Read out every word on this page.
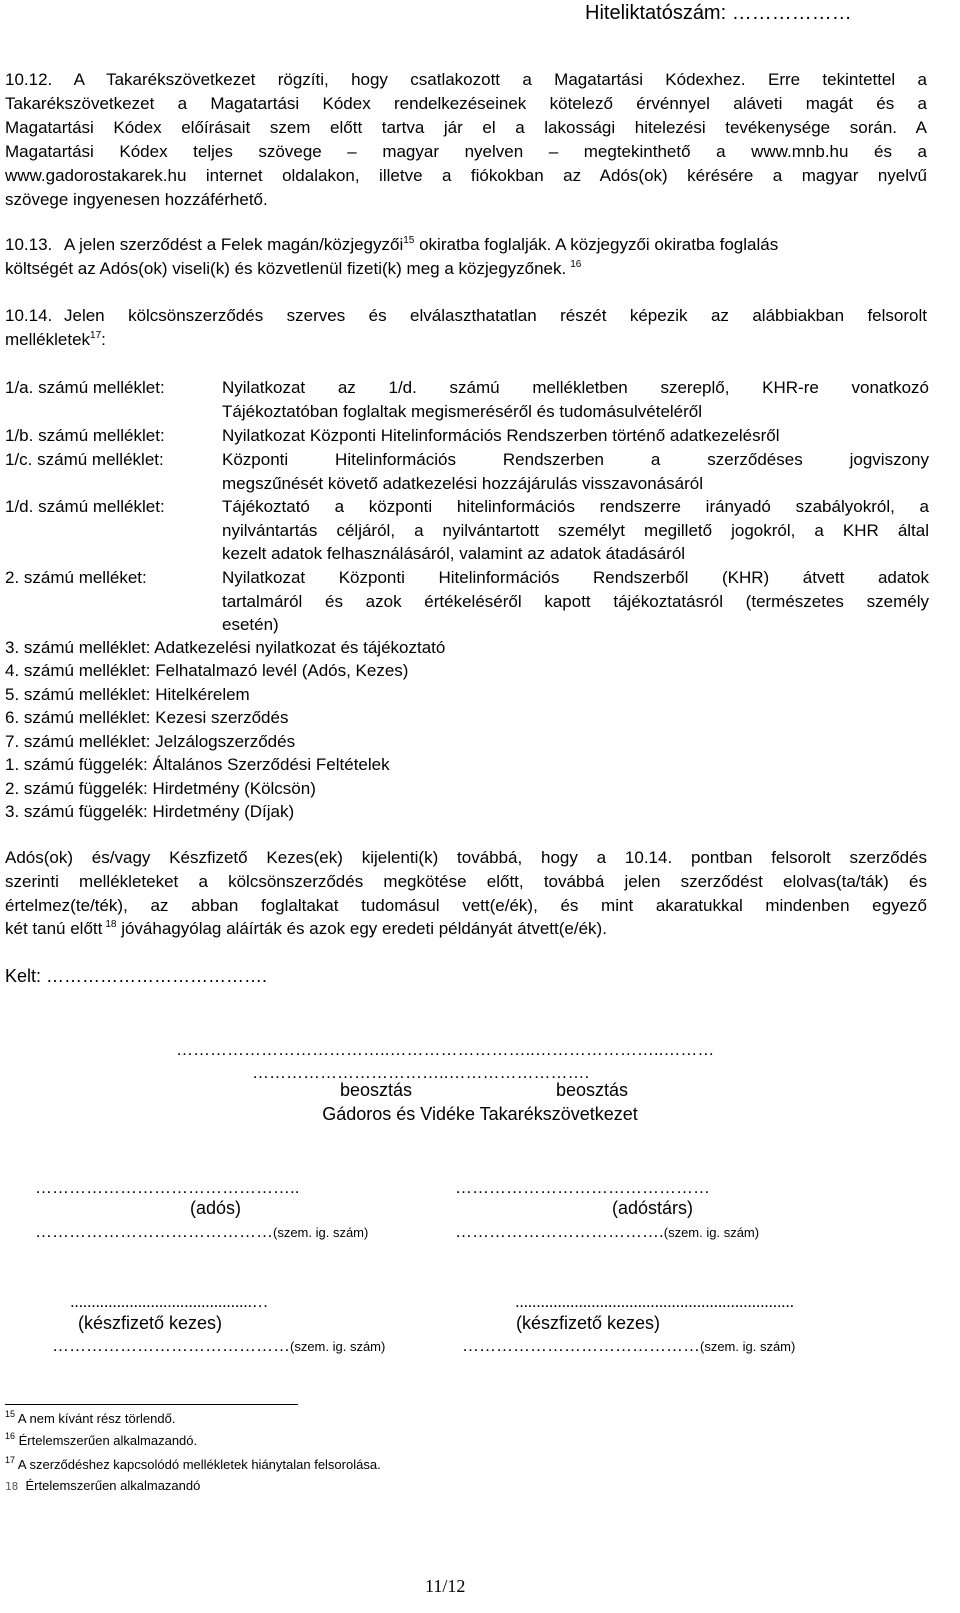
Hiteliktatószám: ………………
10.12. A Takarékszövetkezet rögzíti, hogy csatlakozott a Magatartási Kódexhez. Erre tekintettel a
Takarékszövetkezet a Magatartási Kódex rendelkezéseinek kötelező érvénnyel aláveti magát és a
Magatartási Kódex előírásait szem előtt tartva jár el a lakossági hitelezési tevékenysége során. A
Magatartási Kódex teljes szövege – magyar nyelven – megtekinthető a www.mnb.hu és a
www.gadorostakarek.hu internet oldalakon, illetve a fiókokban az Adós(ok) kérésére a magyar nyelvű
szövege ingyenesen hozzáférhető.
10.13. A jelen szerződést a Felek magán/közjegyzői$^{15}$ okiratba foglalják. A közjegyzői okiratba foglalás
költségét az Adós(ok) viseli(k) és közvetlenül fizeti(k) meg a közjegyzőnek. $^{16}$
10.14. Jelen kölcsönszerződés szerves és elválaszthatatlan részét képezik az alábbiakban felsorolt
mellékletek$^{17}$:
1/a. számú melléklet:	Nyilatkozat az 1/d. számú mellékletben szereplő, KHR-re vonatkozó
Tájékoztatóban foglaltak megismeréséről és tudomásulvételéről
1/b. számú melléklet:	Nyilatkozat Központi Hitelinformációs Rendszerben történő adatkezelésről
1/c. számú melléklet:	Központi Hitelinformációs Rendszerben a szerződéses jogviszony
megszűnését követő adatkezelési hozzájárulás visszavonásáról
1/d. számú melléklet:	Tájékoztató a központi hitelinformációs rendszerre irányadó szabályokról, a
nyilvántartás céljáról, a nyilvántartott személyt megillető jogokról, a KHR által
kezelt adatok felhasználásáról, valamint az adatok átadásáról
2. számú melléket:	Nyilatkozat Központi Hitelinformációs Rendszerből (KHR) átvett adatok
tartalmáról és azok értékeléséről kapott tájékoztatásról (természetes személy
esetén)
3. számú melléklet: Adatkezelési nyilatkozat és tájékoztató
4. számú melléklet: Felhatalmazó levél (Adós, Kezes)
5. számú melléklet: Hitelkérelem
6. számú melléklet: Kezesi szerződés
7. számú melléklet: Jelzálogszerződés
1. számú függelék: Általános Szerződési Feltételek
2. számú függelék: Hirdetmény (Kölcsön)
3. számú függelék: Hirdetmény (Díjak)
Adós(ok) és/vagy Készfizető Kezes(ek) kijelenti(k) továbbá, hogy a 10.14. pontban felsorolt szerződés
szerinti mellékleteket a kölcsönszerződés megkötése előtt, továbbá jelen szerződést elolvas(ta/ták) és
értelmez(te/ték), az abban foglaltakat tudomásul vett(e/ék), és mint akaratukkal mindenben egyező
két tanú előtt $^{18}$ jóváhagyólag aláírták és azok egy eredeti példányát átvett(e/ék).
Kelt: ……………………………….
………………………………..……………………..…………………..………
……………………………..…………………….
beosztás	beosztás
Gádoros és Vidéke Takarékszövetkezet
………………………………………..	………………………………………
(adós)	(adóstárs)
……………………………………(szem. ig. szám)	……………………………….(szem. ig. szám)
...........................................…	..................................................................
(készfizető kezes)	(készfizető kezes)
……………………………………(szem. ig. szám)	……………………………………(szem. ig. szám)
$^{15}$ A nem kívánt rész törlendő.
$^{16}$ Értelemszerűen alkalmazandó.
$^{17}$ A szerződéshez kapcsolódó mellékletek hiánytalan felsorolása.
18 Értelemszerűen alkalmazandó
11/12
